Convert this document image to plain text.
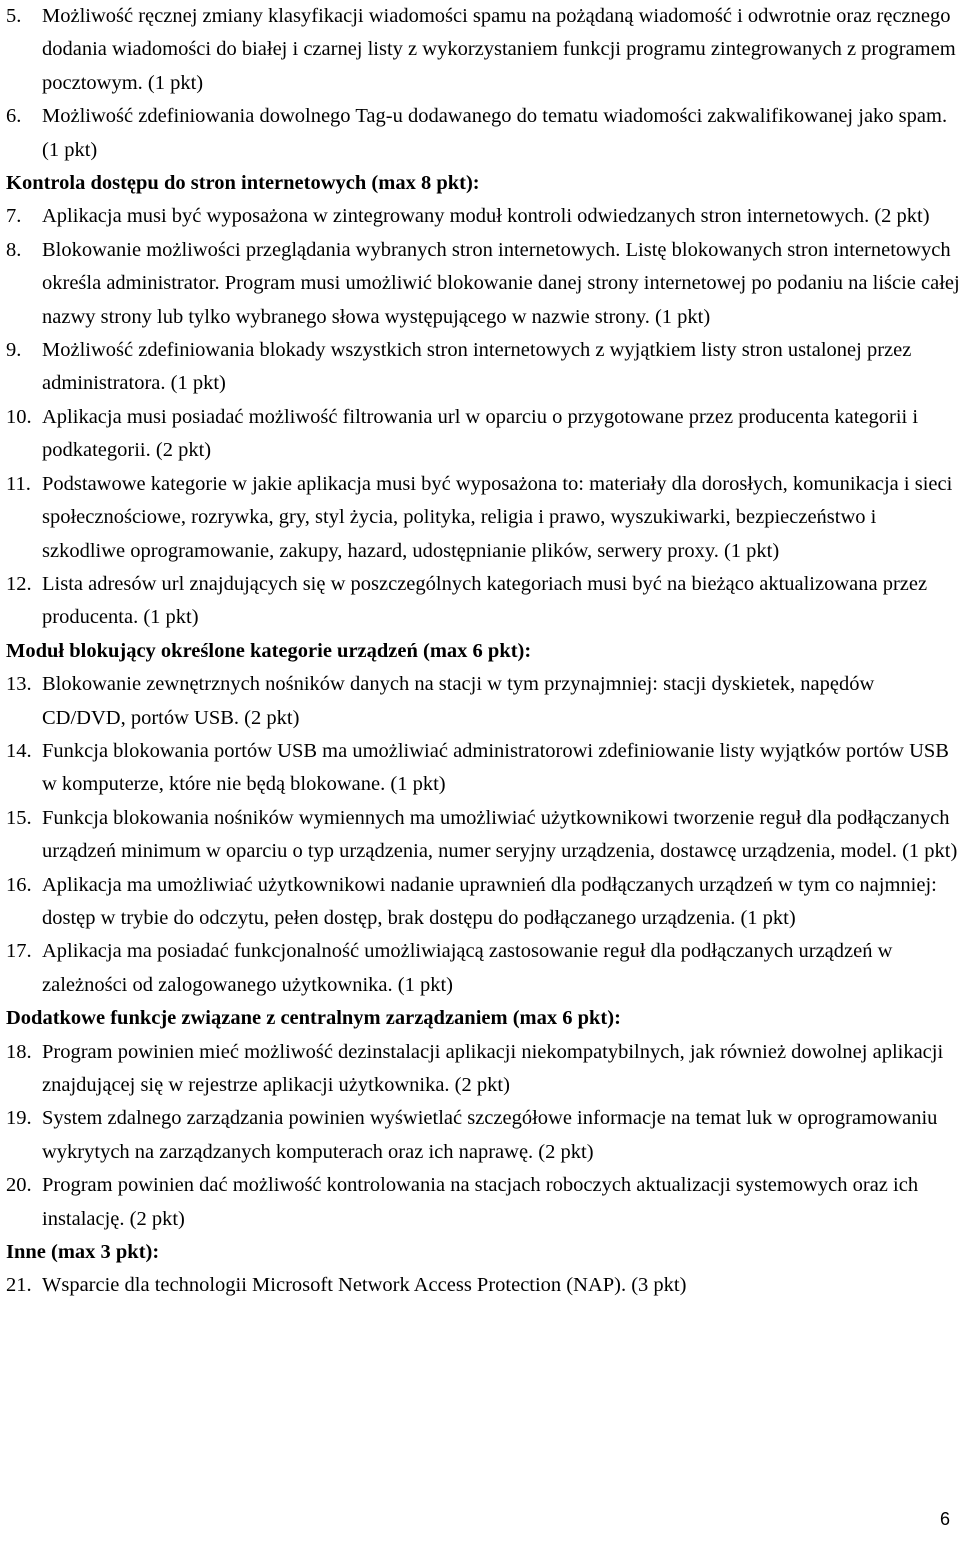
5.	Możliwość ręcznej zmiany klasyfikacji wiadomości spamu na pożądaną wiadomość i odwrotnie oraz ręcznego dodania wiadomości do białej i czarnej listy z wykorzystaniem funkcji programu zintegrowanych z programem pocztowym. (1 pkt)
6.	Możliwość zdefiniowania dowolnego Tag-u dodawanego do tematu wiadomości zakwalifikowanej jako spam. (1 pkt)
Kontrola dostępu do stron internetowych (max 8 pkt):
7.	Aplikacja musi być wyposażona w zintegrowany moduł kontroli odwiedzanych stron internetowych. (2 pkt)
8.	Blokowanie możliwości przeglądania wybranych stron internetowych. Listę blokowanych stron internetowych określa administrator. Program musi umożliwić blokowanie danej strony internetowej po podaniu na liście całej nazwy strony lub tylko wybranego słowa występującego w nazwie strony. (1 pkt)
9.	Możliwość zdefiniowania blokady wszystkich stron internetowych z wyjątkiem listy stron ustalonej przez administratora. (1 pkt)
10. Aplikacja musi posiadać możliwość filtrowania url w oparciu o przygotowane przez producenta kategorii i podkategorii. (2 pkt)
11. Podstawowe kategorie w jakie aplikacja musi być wyposażona to: materiały dla dorosłych, komunikacja i sieci społecznościowe, rozrywka, gry, styl życia, polityka, religia i prawo, wyszukiwarki, bezpieczeństwo i szkodliwe oprogramowanie, zakupy, hazard, udostępnianie plików, serwery proxy. (1 pkt)
12. Lista adresów url znajdujących się w poszczególnych kategoriach musi być na bieżąco aktualizowana przez producenta. (1 pkt)
Moduł blokujący określone kategorie urządzeń (max 6 pkt):
13. Blokowanie zewnętrznych nośników danych na stacji w tym przynajmniej: stacji dyskietek, napędów CD/DVD, portów USB. (2 pkt)
14. Funkcja blokowania portów USB ma umożliwiać administratorowi zdefiniowanie listy wyjątków portów USB w komputerze, które nie będą blokowane. (1 pkt)
15. Funkcja blokowania nośników wymiennych ma umożliwiać użytkownikowi tworzenie reguł dla podłączanych urządzeń minimum w oparciu o typ urządzenia, numer seryjny urządzenia, dostawcę urządzenia, model. (1 pkt)
16. Aplikacja ma umożliwiać użytkownikowi nadanie uprawnień dla podłączanych urządzeń w tym co najmniej: dostęp w trybie do odczytu, pełen dostęp, brak dostępu do podłączanego urządzenia. (1 pkt)
17. Aplikacja ma posiadać funkcjonalność umożliwiającą zastosowanie reguł dla podłączanych urządzeń w zależności od zalogowanego użytkownika. (1 pkt)
Dodatkowe funkcje związane z centralnym zarządzaniem (max 6 pkt):
18. Program powinien mieć możliwość dezinstalacji aplikacji niekompatybilnych, jak również dowolnej aplikacji znajdującej się w rejestrze aplikacji użytkownika. (2 pkt)
19. System zdalnego zarządzania powinien wyświetlać szczegółowe informacje na temat luk w oprogramowaniu wykrytych na zarządzanych komputerach oraz ich naprawę. (2 pkt)
20. Program powinien dać możliwość kontrolowania na stacjach roboczych aktualizacji systemowych oraz ich instalację. (2 pkt)
Inne (max 3 pkt):
21. Wsparcie dla technologii Microsoft Network Access Protection (NAP). (3 pkt)
6
